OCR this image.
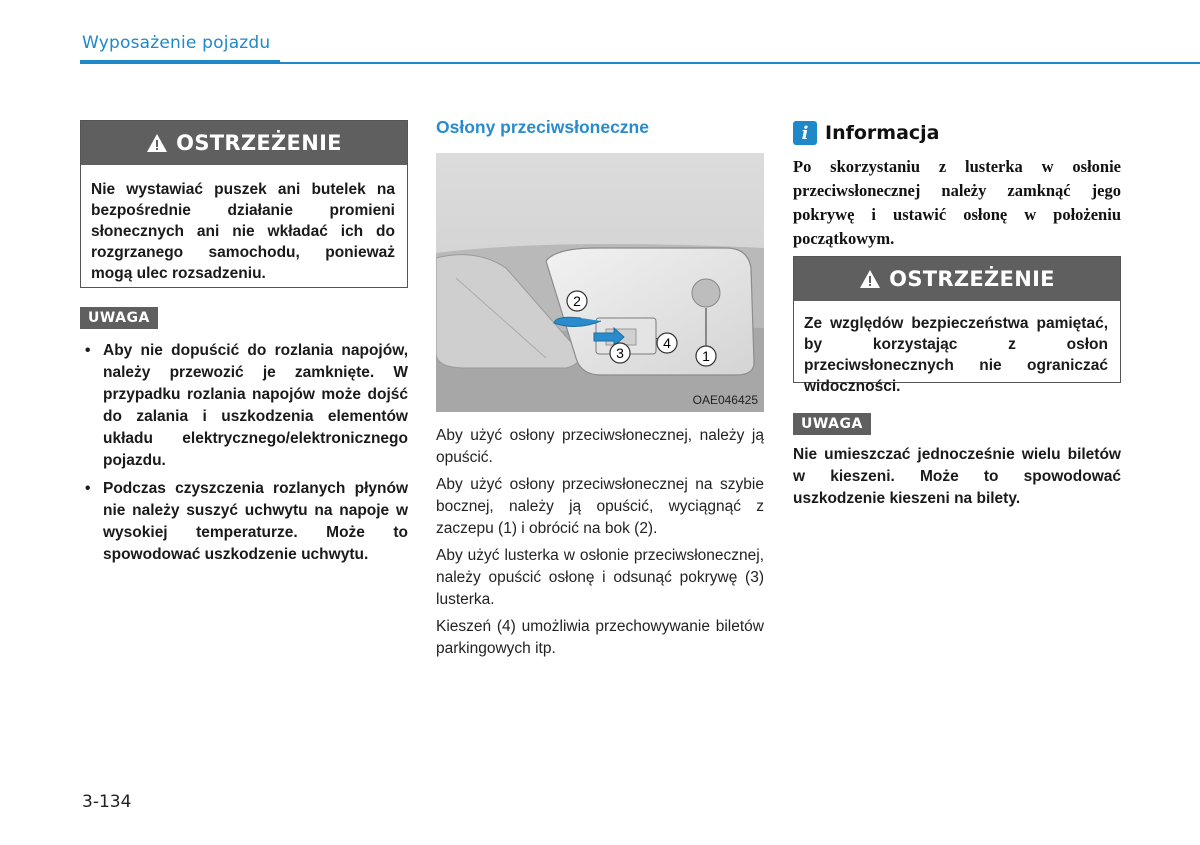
Wyposażenie pojazdu
OSTRZEŻENIE
Nie wystawiać puszek ani butelek na bezpośrednie działanie promieni słonecznych ani nie wkładać ich do rozgrzanego samochodu, ponieważ mogą ulec rozsadzeniu.
UWAGA
• Aby nie dopuścić do rozlania napojów, należy przewozić je zamknięte. W przypadku rozlania napojów może dojść do zalania i uszkodzenia elementów układu elektrycznego/elektronicznego pojazdu.
• Podczas czyszczenia rozlanych płynów nie należy suszyć uchwytu na napoje w wysokiej temperaturze. Może to spowodować uszkodzenie uchwytu.
Osłony przeciwsłoneczne
2
3
4
1
OAE046425

Aby użyć osłony przeciwsłonecznej, należy ją opuścić.

Aby użyć osłony przeciwsłonecznej na szybie bocznej, należy ją opuścić, wyciągnąć z zaczepu (1) i obrócić na bok (2).

Aby użyć lusterka w osłonie przeciwsłonecznej, należy opuścić osłonę i odsunąć pokrywę (3) lusterka.

Kieszeń (4) umożliwia przechowywanie biletów parkingowych itp.

i Informacja
Po skorzystaniu z lusterka w osłonie przeciwsłonecznej należy zamknąć jego pokrywę i ustawić osłonę w położeniu początkowym.
OSTRZEŻENIE
Ze względów bezpieczeństwa pamiętać, by korzystając z osłon przeciwsłonecznych nie ograniczać widoczności.
UWAGA
Nie umieszczać jednocześnie wielu biletów w kieszeni. Może to spowodować uszkodzenie kieszeni na bilety.
3-134
